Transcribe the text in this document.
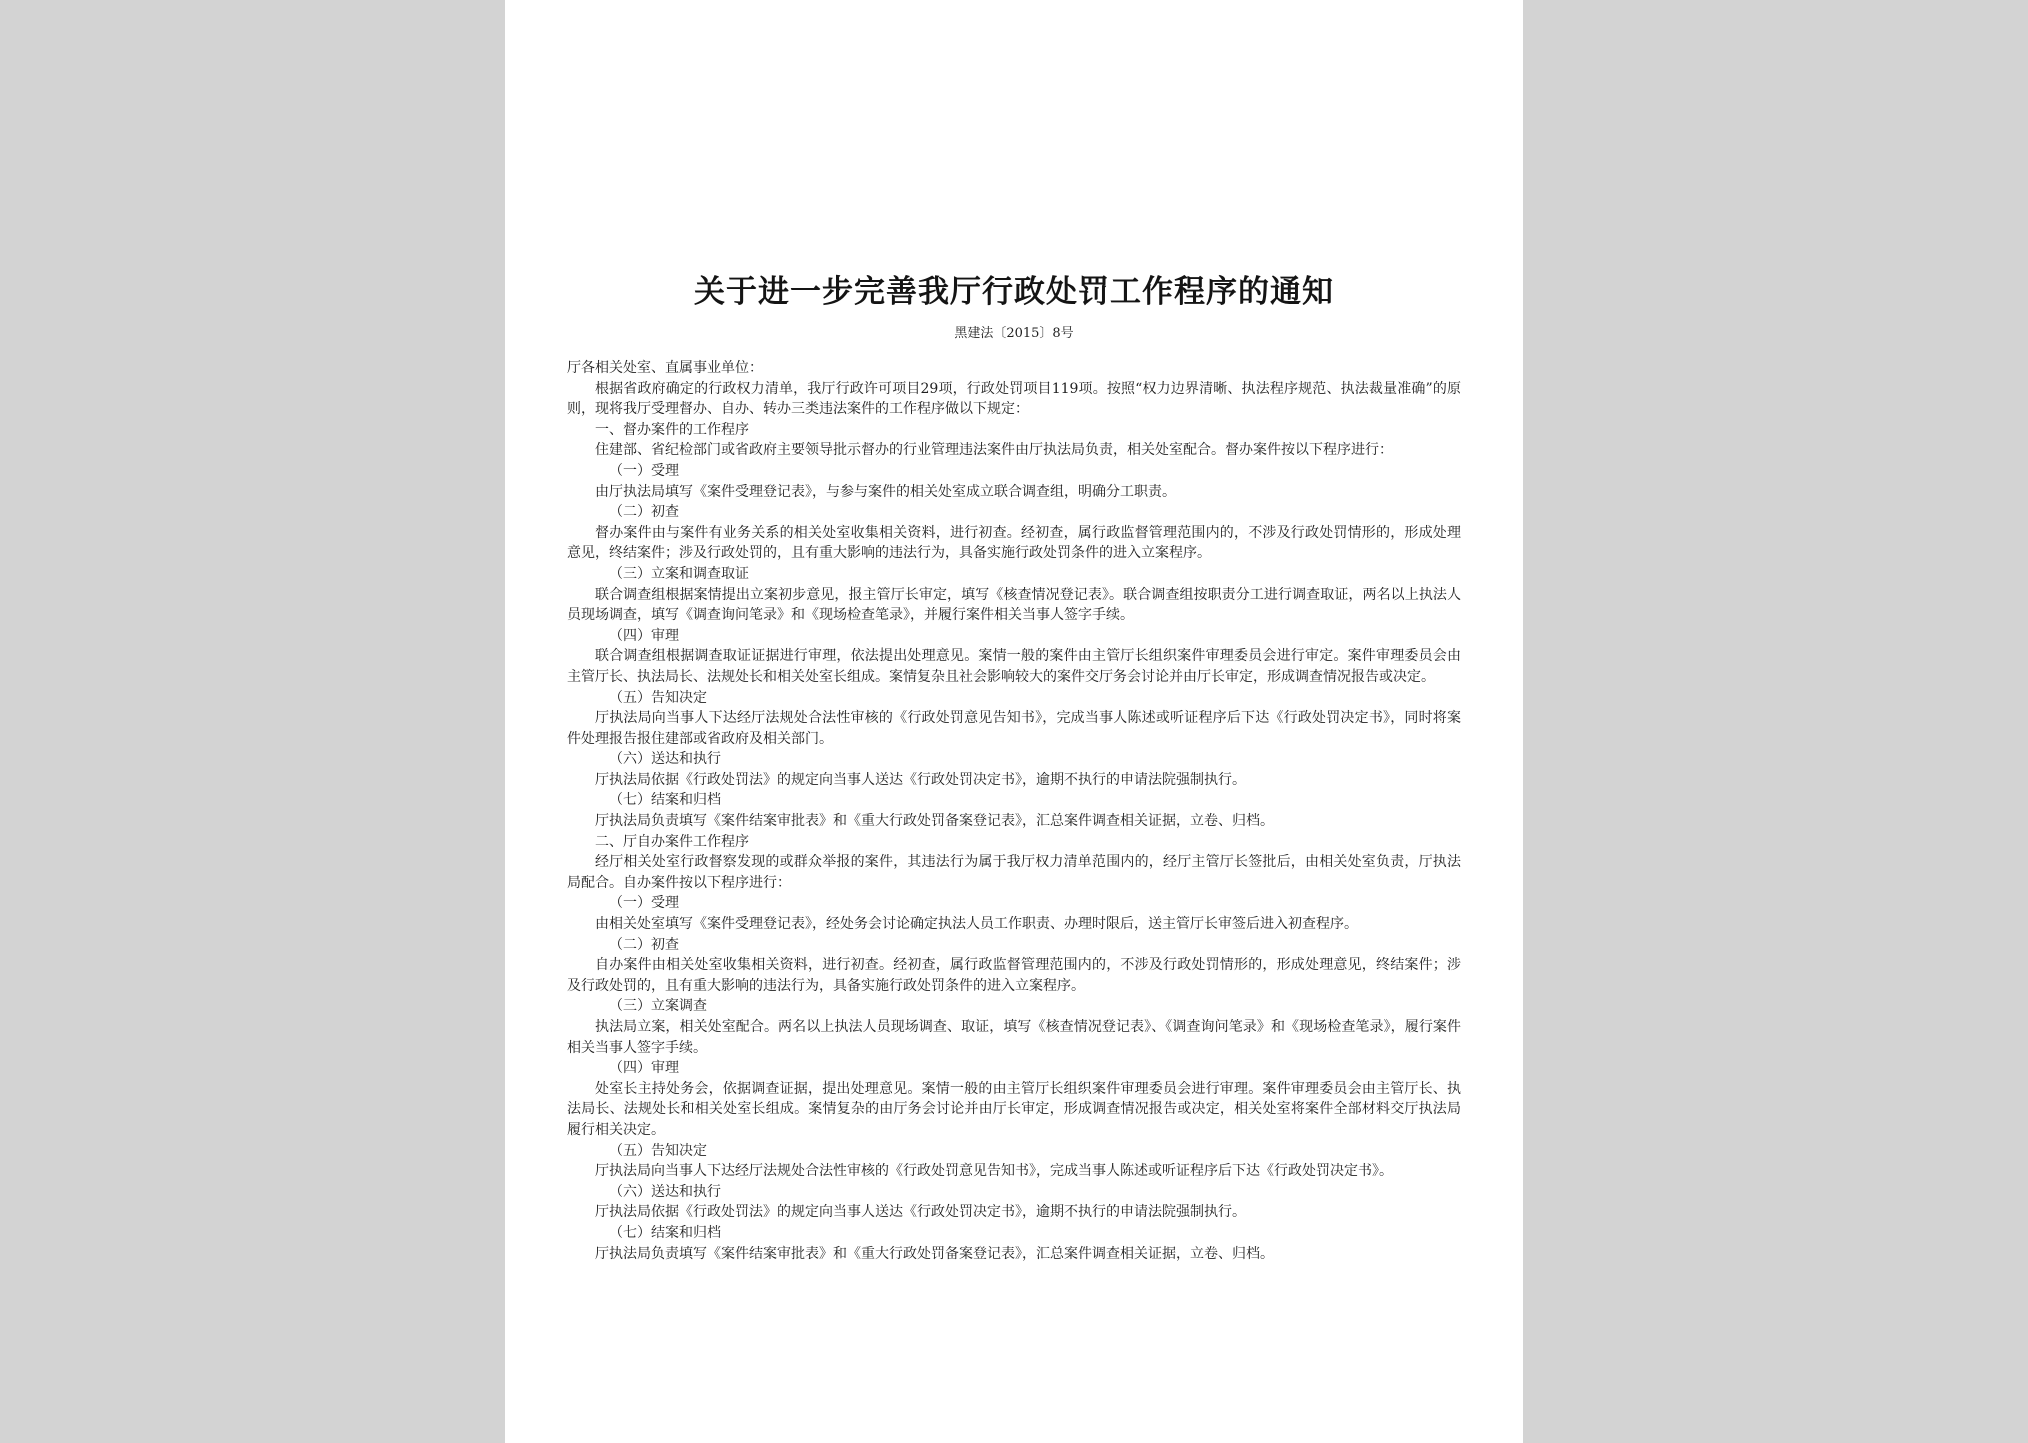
关于进一步完善我厅行政处罚工作程序的通知
黑建法〔2015〕8号

厅各相关处室、直属事业单位：

根据省政府确定的行政权力清单，我厅行政许可项目29项，行政处罚项目119项。按照“权力边界清晰、执法程序规范、执法裁量准确”的原则，现将我厅受理督办、自办、转办三类违法案件的工作程序做以下规定：

一、督办案件的工作程序

住建部、省纪检部门或省政府主要领导批示督办的行业管理违法案件由厅执法局负责，相关处室配合。督办案件按以下程序进行：

（一）受理

由厅执法局填写《案件受理登记表》，与参与案件的相关处室成立联合调查组，明确分工职责。

（二）初查

督办案件由与案件有业务关系的相关处室收集相关资料，进行初查。经初查，属行政监督管理范围内的，不涉及行政处罚情形的，形成处理意见，终结案件；涉及行政处罚的，且有重大影响的违法行为，具备实施行政处罚条件的进入立案程序。

（三）立案和调查取证

联合调查组根据案情提出立案初步意见，报主管厅长审定，填写《核查情况登记表》。联合调查组按职责分工进行调查取证，两名以上执法人员现场调查，填写《调查询问笔录》和《现场检查笔录》，并履行案件相关当事人签字手续。

（四）审理

联合调查组根据调查取证证据进行审理，依法提出处理意见。案情一般的案件由主管厅长组织案件审理委员会进行审定。案件审理委员会由主管厅长、执法局长、法规处长和相关处室长组成。案情复杂且社会影响较大的案件交厅务会讨论并由厅长审定，形成调查情况报告或决定。

（五）告知决定

厅执法局向当事人下达经厅法规处合法性审核的《行政处罚意见告知书》，完成当事人陈述或听证程序后下达《行政处罚决定书》，同时将案件处理报告报住建部或省政府及相关部门。

（六）送达和执行

厅执法局依据《行政处罚法》的规定向当事人送达《行政处罚决定书》，逾期不执行的申请法院强制执行。

（七）结案和归档

厅执法局负责填写《案件结案审批表》和《重大行政处罚备案登记表》，汇总案件调查相关证据，立卷、归档。

二、厅自办案件工作程序

经厅相关处室行政督察发现的或群众举报的案件，其违法行为属于我厅权力清单范围内的，经厅主管厅长签批后，由相关处室负责，厅执法局配合。自办案件按以下程序进行：

（一）受理

由相关处室填写《案件受理登记表》，经处务会讨论确定执法人员工作职责、办理时限后，送主管厅长审签后进入初查程序。

（二）初查

自办案件由相关处室收集相关资料，进行初查。经初查，属行政监督管理范围内的，不涉及行政处罚情形的，形成处理意见，终结案件；涉及行政处罚的，且有重大影响的违法行为，具备实施行政处罚条件的进入立案程序。

（三）立案调查

执法局立案，相关处室配合。两名以上执法人员现场调查、取证，填写《核查情况登记表》、《调查询问笔录》和《现场检查笔录》，履行案件相关当事人签字手续。

（四）审理

处室长主持处务会，依据调查证据，提出处理意见。案情一般的由主管厅长组织案件审理委员会进行审理。案件审理委员会由主管厅长、执法局长、法规处长和相关处室长组成。案情复杂的由厅务会讨论并由厅长审定，形成调查情况报告或决定，相关处室将案件全部材料交厅执法局履行相关决定。

（五）告知决定

厅执法局向当事人下达经厅法规处合法性审核的《行政处罚意见告知书》，完成当事人陈述或听证程序后下达《行政处罚决定书》。

（六）送达和执行

厅执法局依据《行政处罚法》的规定向当事人送达《行政处罚决定书》，逾期不执行的申请法院强制执行。

（七）结案和归档

厅执法局负责填写《案件结案审批表》和《重大行政处罚备案登记表》，汇总案件调查相关证据，立卷、归档。
